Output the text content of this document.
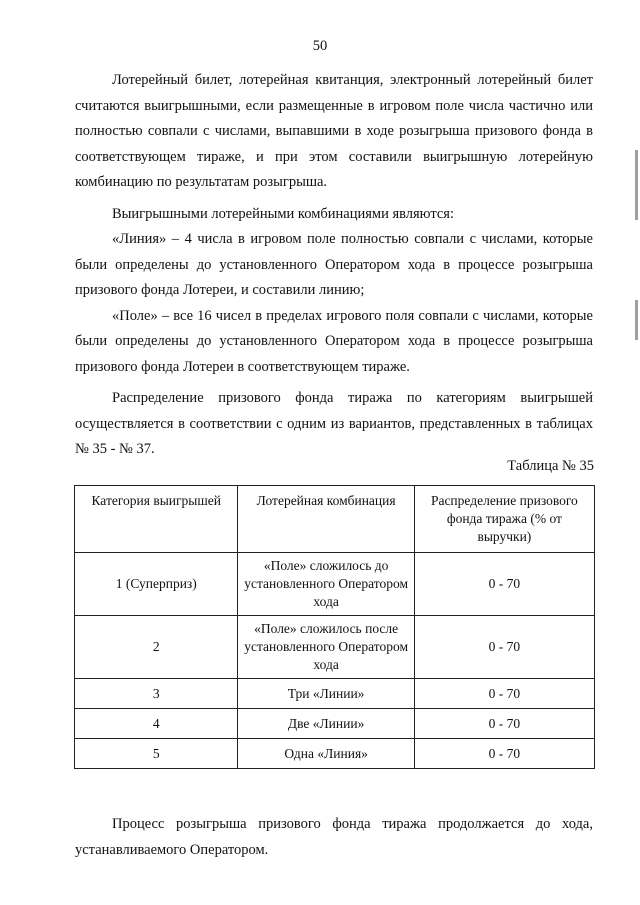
50

Лотерейный билет, лотерейная квитанция, электронный лотерейный билет считаются выигрышными, если размещенные в игровом поле числа частично или полностью совпали с числами, выпавшими в ходе розыгрыша призового фонда в соответствующем тираже, и при этом составили выигрышную лотерейную комбинацию по результатам розыгрыша.

Выигрышными лотерейными комбинациями являются:

«Линия» – 4 числа в игровом поле полностью совпали с числами, которые были определены до установленного Оператором хода в процессе розыгрыша призового фонда Лотереи, и составили линию;

«Поле» – все 16 чисел в пределах игрового поля совпали с числами, которые были определены до установленного Оператором хода в процессе розыгрыша призового фонда Лотереи в соответствующем тираже.

Распределение призового фонда тиража по категориям выигрышей осуществляется в соответствии с одним из вариантов, представленных в таблицах № 35 - № 37.

Таблица № 35
Категория выигрышей	Лотерейная комбинация	Распределение призового фонда тиража (% от выручки)
1 (Суперприз)	«Поле» сложилось до установленного Оператором хода	0 - 70
2	«Поле» сложилось после установленного Оператором хода	0 - 70
3	Три «Линии»	0 - 70
4	Две «Линии»	0 - 70
5	Одна «Линия»	0 - 70

Процесс розыгрыша призового фонда тиража продолжается до хода, устанавливаемого Оператором.
